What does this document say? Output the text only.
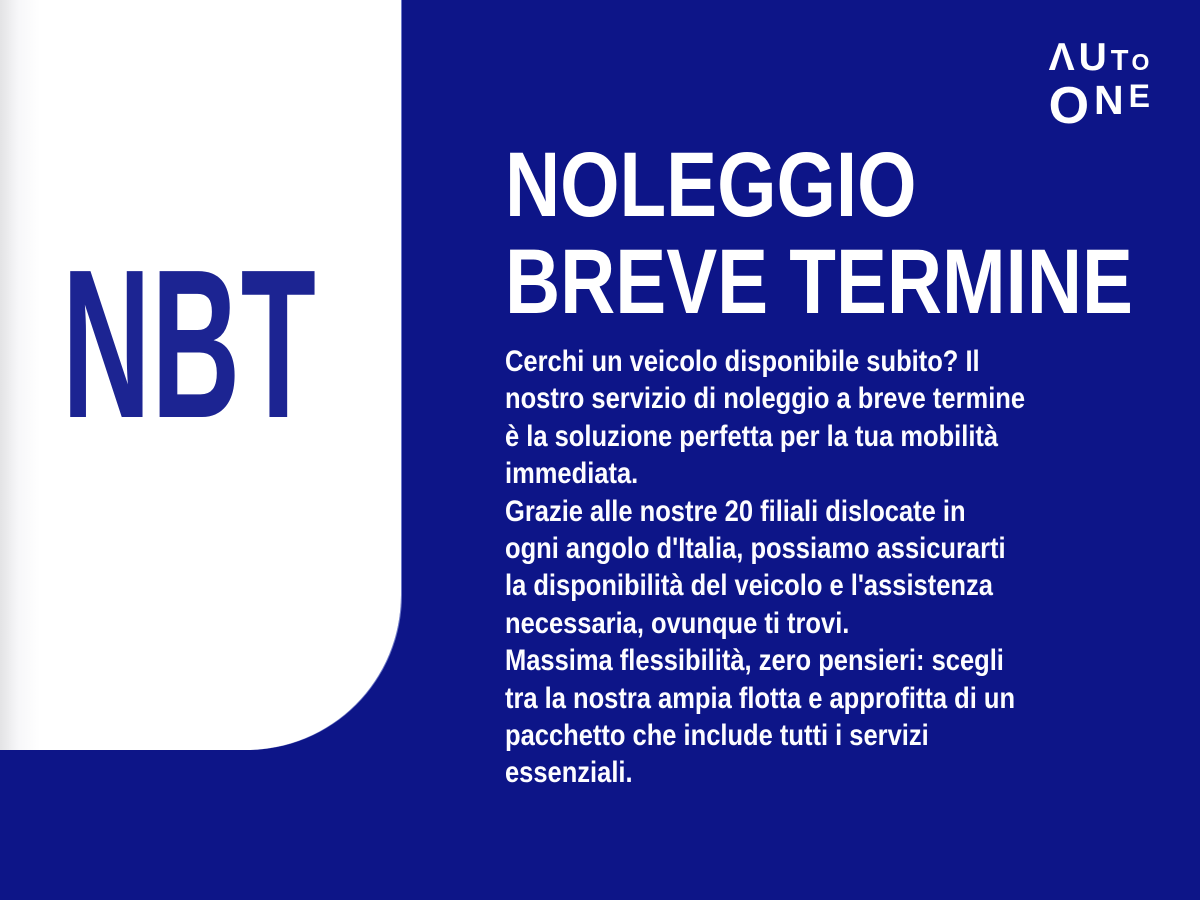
NBT
Λ U T O
O N E
NOLEGGIO
BREVE TERMINE
Cerchi un veicolo disponibile subito? Il
nostro servizio di noleggio a breve termine
è la soluzione perfetta per la tua mobilità
immediata.
Grazie alle nostre 20 filiali dislocate in
ogni angolo d'Italia, possiamo assicurarti
la disponibilità del veicolo e l'assistenza
necessaria, ovunque ti trovi.
Massima flessibilità, zero pensieri: scegli
tra la nostra ampia flotta e approfitta di un
pacchetto che include tutti i servizi
essenziali.
